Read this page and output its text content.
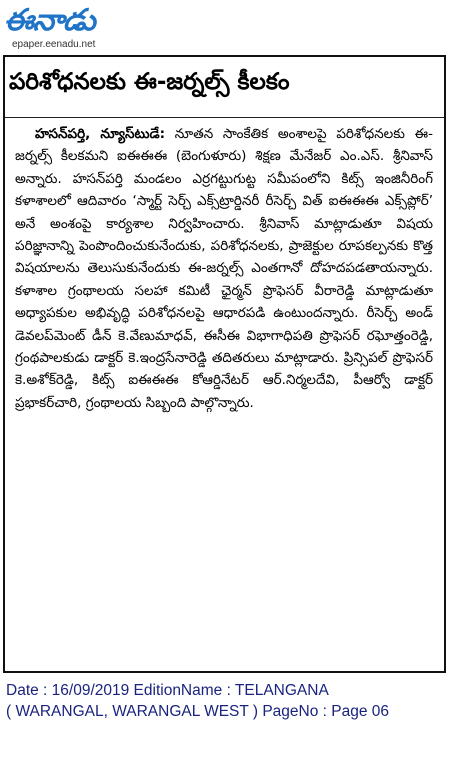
ఈనాడు
epaper.eenadu.net
పరిశోధనలకు ఈ-జర్నల్స్ కీలకం
హసన్‌పర్తి, న్యూస్‌టుడే: నూతన సాంకేతిక అంశాలపై పరిశోధనలకు ఈ-జర్నల్స్ కీలకమని ఐఈఈఈ (బెంగుళూరు) శిక్షణ మేనేజర్ ఎం.ఎస్. శ్రీనివాస్ అన్నారు. హసన్‌పర్తి మండలం ఎర్రగట్టుగుట్ట సమీపంలోని కిట్స్ ఇంజినీరింగ్ కళాశాలలో ఆదివారం ‘స్మార్ట్ సెర్చ్ ఎక్స్‌ట్రార్డినరీ రీసెర్చ్ విత్ ఐఈఈఈ ఎక్స్‌ప్లోర్’ అనే అంశంపై కార్యశాల నిర్వహించారు. శ్రీనివాస్ మాట్లాడుతూ విషయ పరిజ్ఞానాన్ని పెంపొందించుకునేందుకు, పరిశోధనలకు, ప్రాజెక్టుల రూపకల్పనకు కొత్త విషయాలను తెలుసుకునేందుకు ఈ-జర్నల్స్ ఎంతగానో దోహదపడతాయన్నారు. కళాశాల గ్రంథాలయ సలహా కమిటీ ఛైర్మన్ ప్రొఫెసర్ వీరారెడ్డి మాట్లాడుతూ అధ్యాపకుల అభివృద్ధి పరిశోధనలపై ఆధారపడి ఉంటుందన్నారు. రీసెర్చ్ అండ్ డెవలప్‌మెంట్ డీన్ కె.వేణుమాధవ్, ఈసీఈ విభాగాధిపతి ప్రొఫెసర్ రఘోత్తంరెడ్డి, గ్రంథపాలకుడు డాక్టర్ కె.ఇంద్రసేనారెడ్డి తదితరులు మాట్లాడారు. ప్రిన్సిపల్ ప్రొఫెసర్ కె.అశోక్‌రెడ్డి, కిట్స్ ఐఈఈఈ కోఆర్డినేటర్ ఆర్.నిర్మలదేవి, పీఆర్వో డాక్టర్ ప్రభాకర్‌చారి, గ్రంథాలయ సిబ్బంది పాల్గొన్నారు.
Date : 16/09/2019 EditionName : TELANGANA
( WARANGAL, WARANGAL WEST ) PageNo : Page 06
